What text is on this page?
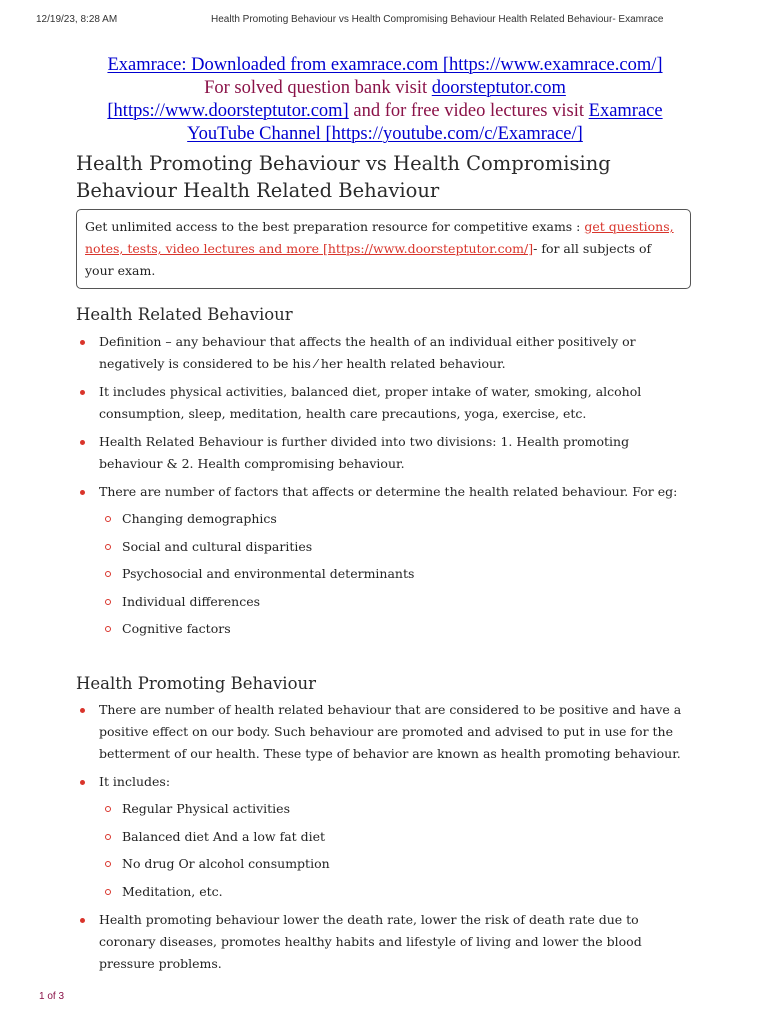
12/19/23, 8:28 AM	Health Promoting Behaviour vs Health Compromising Behaviour Health Related Behaviour- Examrace
Examrace: Downloaded from examrace.com [https://www.examrace.com/]
For solved question bank visit doorsteptutor.com
[https://www.doorsteptutor.com] and for free video lectures visit Examrace
YouTube Channel [https://youtube.com/c/Examrace/]
Health Promoting Behaviour vs Health Compromising Behaviour Health Related Behaviour
Get unlimited access to the best preparation resource for competitive exams : get questions, notes, tests, video lectures and more [https://www.doorsteptutor.com/]- for all subjects of your exam.
Health Related Behaviour
Definition – any behaviour that affects the health of an individual either positively or negatively is considered to be his ⁄ her health related behaviour.
It includes physical activities, balanced diet, proper intake of water, smoking, alcohol consumption, sleep, meditation, health care precautions, yoga, exercise, etc.
Health Related Behaviour is further divided into two divisions: 1. Health promoting behaviour & 2. Health compromising behaviour.
There are number of factors that affects or determine the health related behaviour. For eg:
Changing demographics
Social and cultural disparities
Psychosocial and environmental determinants
Individual differences
Cognitive factors
Health Promoting Behaviour
There are number of health related behaviour that are considered to be positive and have a positive effect on our body. Such behaviour are promoted and advised to put in use for the betterment of our health. These type of behavior are known as health promoting behaviour.
It includes:
Regular Physical activities
Balanced diet And a low fat diet
No drug Or alcohol consumption
Meditation, etc.
Health promoting behaviour lower the death rate, lower the risk of death rate due to coronary diseases, promotes healthy habits and lifestyle of living and lower the blood pressure problems.
1 of 3
